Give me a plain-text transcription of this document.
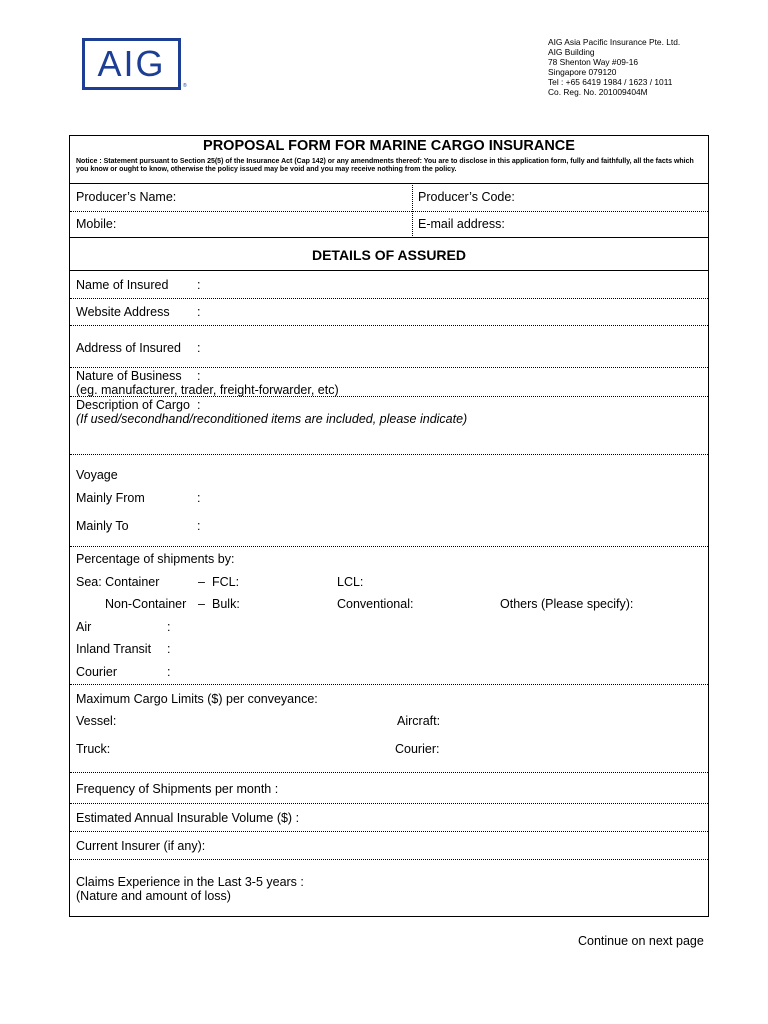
AIG
®
AIG Asia Pacific Insurance Pte. Ltd.
AIG Building
78 Shenton Way #09-16
Singapore 079120
Tel : +65 6419 1984 / 1623 / 1011
Co. Reg. No. 201009404M
PROPOSAL FORM FOR MARINE CARGO INSURANCE
Notice : Statement pursuant to Section 25(5) of the Insurance Act (Cap 142) or any amendments thereof: You are to disclose in this application form, fully and faithfully, all the facts which you know or ought to know, otherwise the policy issued may be void and you may receive nothing from the policy.
Producer’s Name:	Producer’s Code:
Mobile:	E-mail address:
DETAILS OF ASSURED
Name of Insured :
Website Address :
Address of Insured :
Nature of Business :
(eg. manufacturer, trader, freight-forwarder, etc)
Description of Cargo :
(If used/secondhand/reconditioned items are included, please indicate)
Voyage
Mainly From	:
Mainly To	:
Percentage of shipments by:
Sea: Container	– FCL:	LCL:
Non-Container – Bulk:	Conventional:	Others (Please specify):
Air	:
Inland Transit :
Courier	:
Maximum Cargo Limits ($) per conveyance:
Vessel:	Aircraft:
Truck:	Courier:
Frequency of Shipments per month :
Estimated Annual Insurable Volume ($) :
Current Insurer (if any):
Claims Experience in the Last 3-5 years :
(Nature and amount of loss)
Continue on next page
